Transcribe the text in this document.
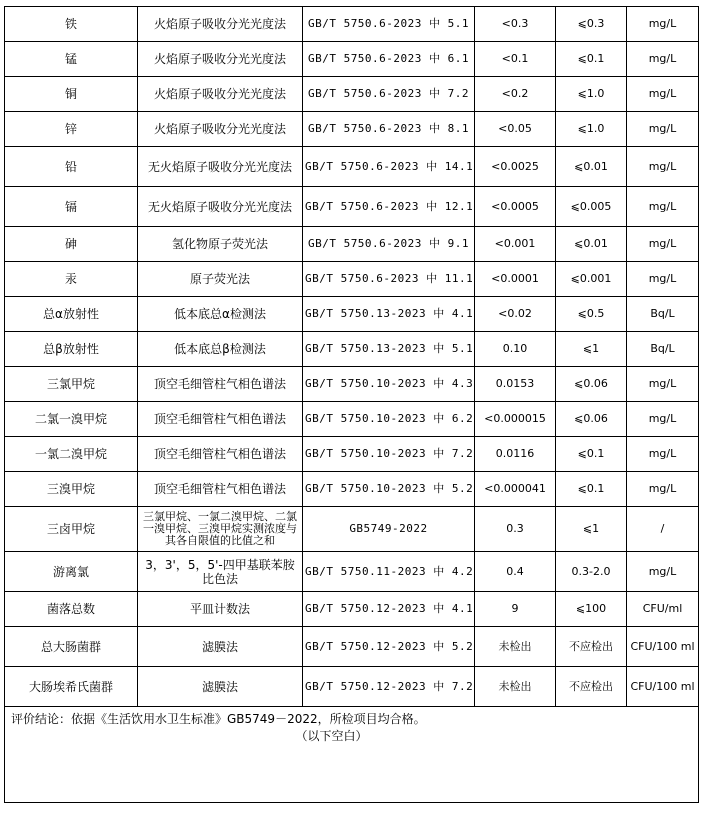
铁	火焰原子吸收分光光度法	GB/T 5750.6-2023 中 5.1	<0.3	⩽0.3	mg/L
锰	火焰原子吸收分光光度法	GB/T 5750.6-2023 中 6.1	<0.1	⩽0.1	mg/L
铜	火焰原子吸收分光光度法	GB/T 5750.6-2023 中 7.2	<0.2	⩽1.0	mg/L
锌	火焰原子吸收分光光度法	GB/T 5750.6-2023 中 8.1	<0.05	⩽1.0	mg/L
铅	无火焰原子吸收分光光度法	GB/T 5750.6-2023 中 14.1	<0.0025	⩽0.01	mg/L
镉	无火焰原子吸收分光光度法	GB/T 5750.6-2023 中 12.1	<0.0005	⩽0.005	mg/L
砷	氢化物原子荧光法	GB/T 5750.6-2023 中 9.1	<0.001	⩽0.01	mg/L
汞	原子荧光法	GB/T 5750.6-2023 中 11.1	<0.0001	⩽0.001	mg/L
总α放射性	低本底总α检测法	GB/T 5750.13-2023 中 4.1	<0.02	⩽0.5	Bq/L
总β放射性	低本底总β检测法	GB/T 5750.13-2023 中 5.1	0.10	⩽1	Bq/L
三氯甲烷	顶空毛细管柱气相色谱法	GB/T 5750.10-2023 中 4.3	0.0153	⩽0.06	mg/L
二氯一溴甲烷	顶空毛细管柱气相色谱法	GB/T 5750.10-2023 中 6.2	<0.000015	⩽0.06	mg/L
一氯二溴甲烷	顶空毛细管柱气相色谱法	GB/T 5750.10-2023 中 7.2	0.0116	⩽0.1	mg/L
三溴甲烷	顶空毛细管柱气相色谱法	GB/T 5750.10-2023 中 5.2	<0.000041	⩽0.1	mg/L
三卤甲烷	三氯甲烷、一氯二溴甲烷、二氯一溴甲烷、三溴甲烷实测浓度与其各自限值的比值之和	GB5749-2022	0.3	⩽1	/
游离氯	3，3'，5，5'-四甲基联苯胺比色法	GB/T 5750.11-2023 中 4.2	0.4	0.3-2.0	mg/L
菌落总数	平皿计数法	GB/T 5750.12-2023 中 4.1	9	⩽100	CFU/ml
总大肠菌群	滤膜法	GB/T 5750.12-2023 中 5.2	未检出	不应检出	CFU/100 ml
大肠埃希氏菌群	滤膜法	GB/T 5750.12-2023 中 7.2	未检出	不应检出	CFU/100 ml

评价结论：依据《生活饮用水卫生标准》GB5749－2022，所检项目均合格。
（以下空白）					
